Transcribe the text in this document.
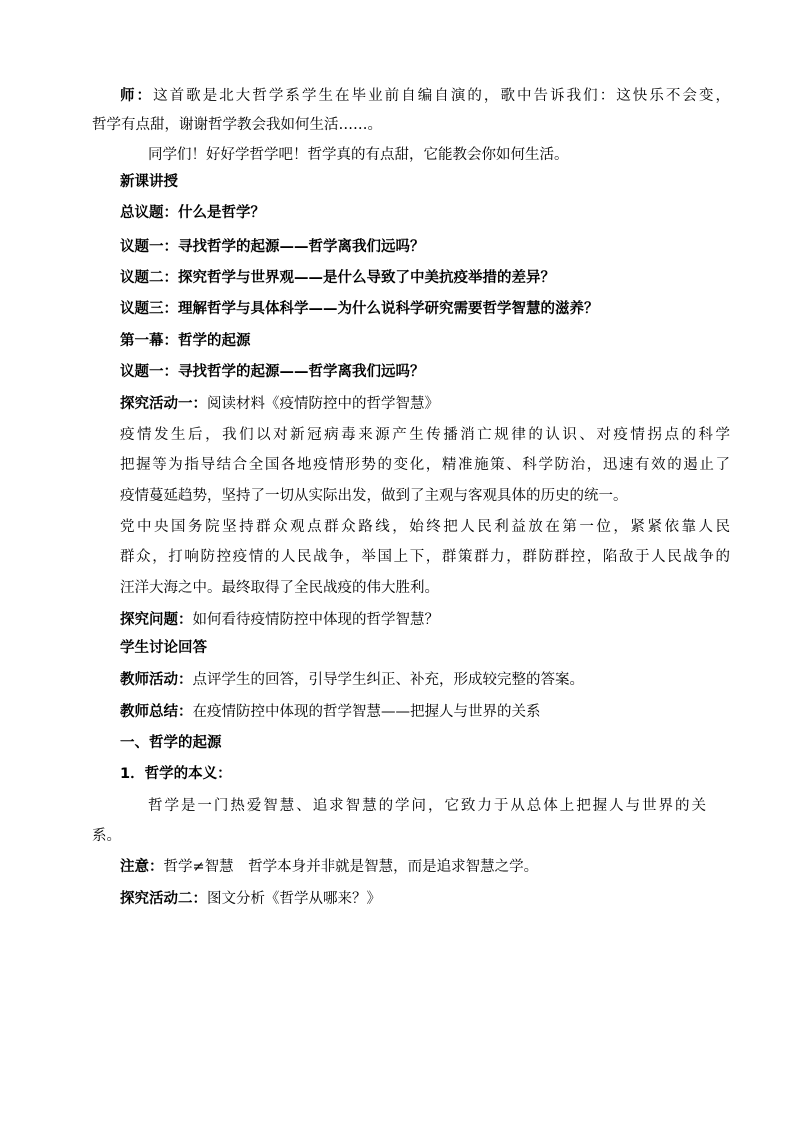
师：这首歌是北大哲学系学生在毕业前自编自演的，歌中告诉我们：这快乐不会变，
哲学有点甜，谢谢哲学教会我如何生活……。
同学们！好好学哲学吧！哲学真的有点甜，它能教会你如何生活。
新课讲授
总议题：什么是哲学？
议题一：寻找哲学的起源——哲学离我们远吗？
议题二：探究哲学与世界观——是什么导致了中美抗疫举措的差异？
议题三：理解哲学与具体科学——为什么说科学研究需要哲学智慧的滋养？
第一幕：哲学的起源
议题一：寻找哲学的起源——哲学离我们远吗？
探究活动一：阅读材料《疫情防控中的哲学智慧》
疫情发生后，我们以对新冠病毒来源产生传播消亡规律的认识、对疫情拐点的科学
把握等为指导结合全国各地疫情形势的变化，精准施策、科学防治，迅速有效的遏止了
疫情蔓延趋势，坚持了一切从实际出发，做到了主观与客观具体的历史的统一。
党中央国务院坚持群众观点群众路线，始终把人民利益放在第一位，紧紧依靠人民
群众，打响防控疫情的人民战争，举国上下，群策群力，群防群控，陷敌于人民战争的
汪洋大海之中。最终取得了全民战疫的伟大胜利。
探究问题：如何看待疫情防控中体现的哲学智慧？
学生讨论回答
教师活动：点评学生的回答，引导学生纠正、补充，形成较完整的答案。
教师总结：在疫情防控中体现的哲学智慧——把握人与世界的关系
一、哲学的起源
1．哲学的本义：
哲学是一门热爱智慧、追求智慧的学问，它致力于从总体上把握人与世界的关
系。
注意：哲学≠智慧　哲学本身并非就是智慧，而是追求智慧之学。
探究活动二：图文分析《哲学从哪来？》
